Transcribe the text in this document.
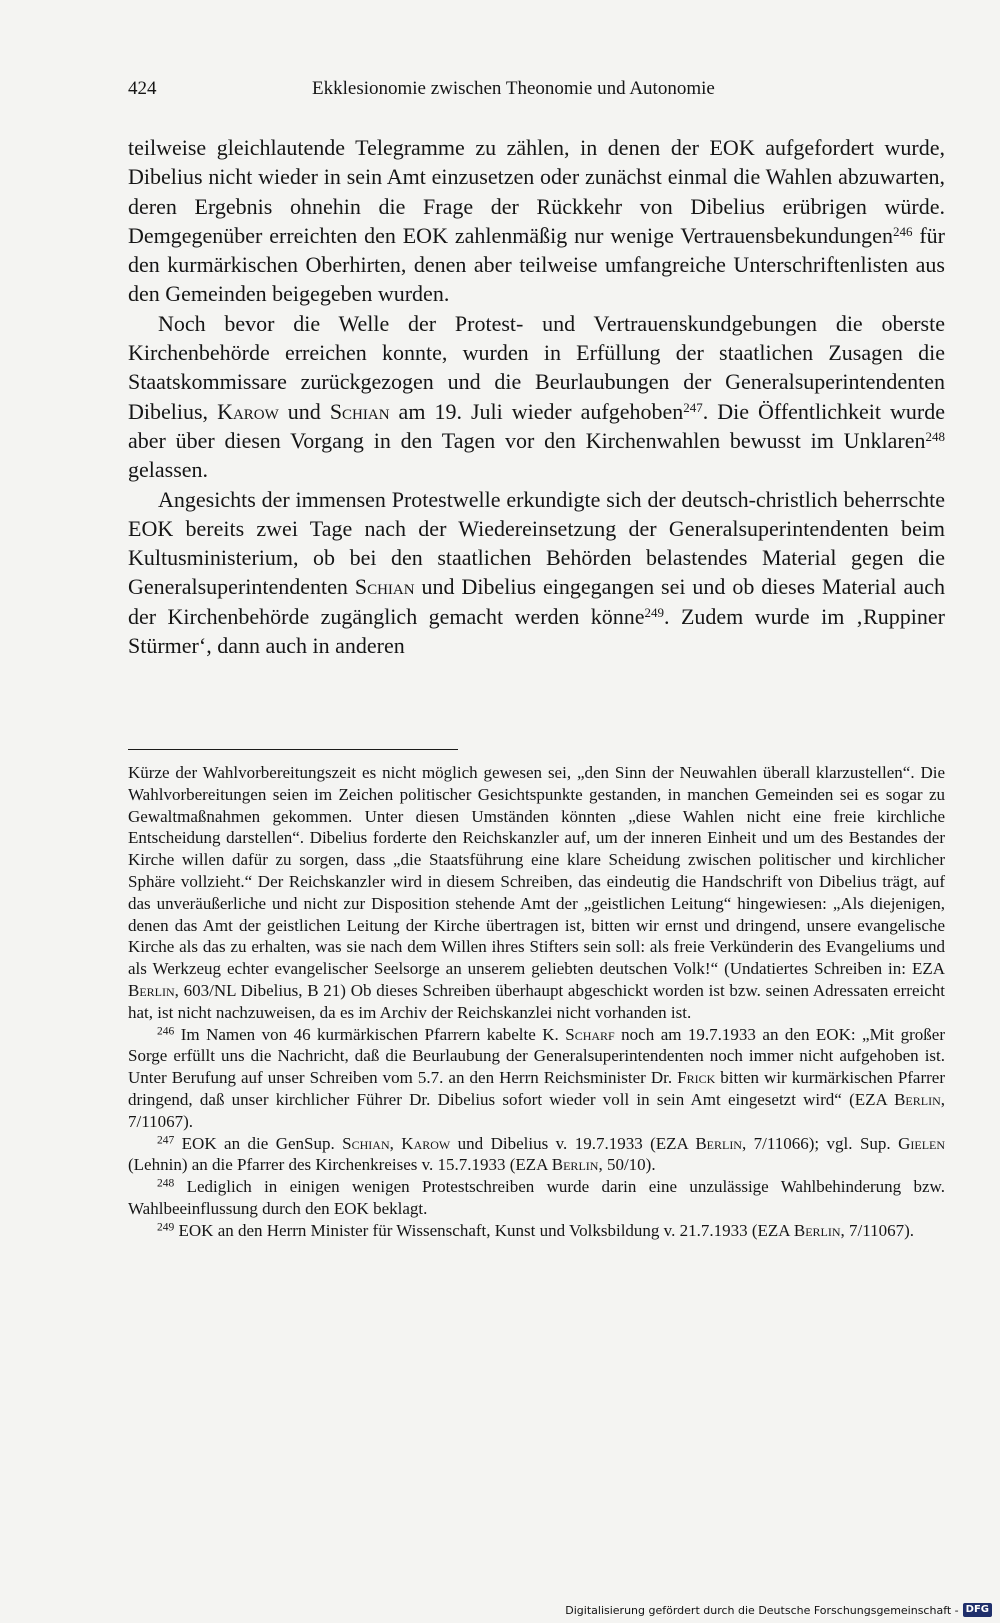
424	Ekklesionomie zwischen Theonomie und Autonomie

teilweise gleichlautende Telegramme zu zählen, in denen der EOK aufgefordert wurde, Dibelius nicht wieder in sein Amt einzusetzen oder zunächst einmal die Wahlen abzuwarten, deren Ergebnis ohnehin die Frage der Rückkehr von Dibelius erübrigen würde. Demgegenüber erreichten den EOK zahlenmäßig nur wenige Vertrauensbekundungen$^{246}$ für den kurmärkischen Oberhirten, denen aber teilweise umfangreiche Unterschriftenlisten aus den Gemeinden beigegeben wurden.

Noch bevor die Welle der Protest- und Vertrauenskundgebungen die oberste Kirchenbehörde erreichen konnte, wurden in Erfüllung der staatlichen Zusagen die Staatskommissare zurückgezogen und die Beurlaubungen der Generalsuperintendenten Dibelius, Karow und Schian am 19. Juli wieder aufgehoben$^{247}$. Die Öffentlichkeit wurde aber über diesen Vorgang in den Tagen vor den Kirchenwahlen bewusst im Unklaren$^{248}$ gelassen.

Angesichts der immensen Protestwelle erkundigte sich der deutsch-christlich beherrschte EOK bereits zwei Tage nach der Wiedereinsetzung der Generalsuperintendenten beim Kultusministerium, ob bei den staatlichen Behörden belastendes Material gegen die Generalsuperintendenten Schian und Dibelius eingegangen sei und ob dieses Material auch der Kirchenbehörde zugänglich gemacht werden könne$^{249}$. Zudem wurde im ‚Ruppiner Stürmer‘, dann auch in anderen

Kürze der Wahlvorbereitungszeit es nicht möglich gewesen sei, „den Sinn der Neuwahlen überall klarzustellen“. Die Wahlvorbereitungen seien im Zeichen politischer Gesichtspunkte gestanden, in manchen Gemeinden sei es sogar zu Gewaltmaßnahmen gekommen. Unter diesen Umständen könnten „diese Wahlen nicht eine freie kirchliche Entscheidung darstellen“. Dibelius forderte den Reichskanzler auf, um der inneren Einheit und um des Bestandes der Kirche willen dafür zu sorgen, dass „die Staatsführung eine klare Scheidung zwischen politischer und kirchlicher Sphäre vollzieht.“ Der Reichskanzler wird in diesem Schreiben, das eindeutig die Handschrift von Dibelius trägt, auf das unveräußerliche und nicht zur Disposition stehende Amt der „geistlichen Leitung“ hingewiesen: „Als diejenigen, denen das Amt der geistlichen Leitung der Kirche übertragen ist, bitten wir ernst und dringend, unsere evangelische Kirche als das zu erhalten, was sie nach dem Willen ihres Stifters sein soll: als freie Verkünderin des Evangeliums und als Werkzeug echter evangelischer Seelsorge an unserem geliebten deutschen Volk!“ (Undatiertes Schreiben in: EZA Berlin, 603/NL Dibelius, B 21) Ob dieses Schreiben überhaupt abgeschickt worden ist bzw. seinen Adressaten erreicht hat, ist nicht nachzuweisen, da es im Archiv der Reichskanzlei nicht vorhanden ist.

$^{246}$ Im Namen von 46 kurmärkischen Pfarrern kabelte K. Scharf noch am 19.7.1933 an den EOK: „Mit großer Sorge erfüllt uns die Nachricht, daß die Beurlaubung der Generalsuperintendenten noch immer nicht aufgehoben ist. Unter Berufung auf unser Schreiben vom 5.7. an den Herrn Reichsminister Dr. Frick bitten wir kurmärkischen Pfarrer dringend, daß unser kirchlicher Führer Dr. Dibelius sofort wieder voll in sein Amt eingesetzt wird“ (EZA Berlin, 7/11067).

$^{247}$ EOK an die GenSup. Schian, Karow und Dibelius v. 19.7.1933 (EZA Berlin, 7/11066); vgl. Sup. Gielen (Lehnin) an die Pfarrer des Kirchenkreises v. 15.7.1933 (EZA Berlin, 50/10).

$^{248}$ Lediglich in einigen wenigen Protestschreiben wurde darin eine unzulässige Wahlbehinderung bzw. Wahlbeeinflussung durch den EOK beklagt.

$^{249}$ EOK an den Herrn Minister für Wissenschaft, Kunst und Volksbildung v. 21.7.1933 (EZA Berlin, 7/11067).

Digitalisierung gefördert durch die Deutsche Forschungsgemeinschaft - DFG
